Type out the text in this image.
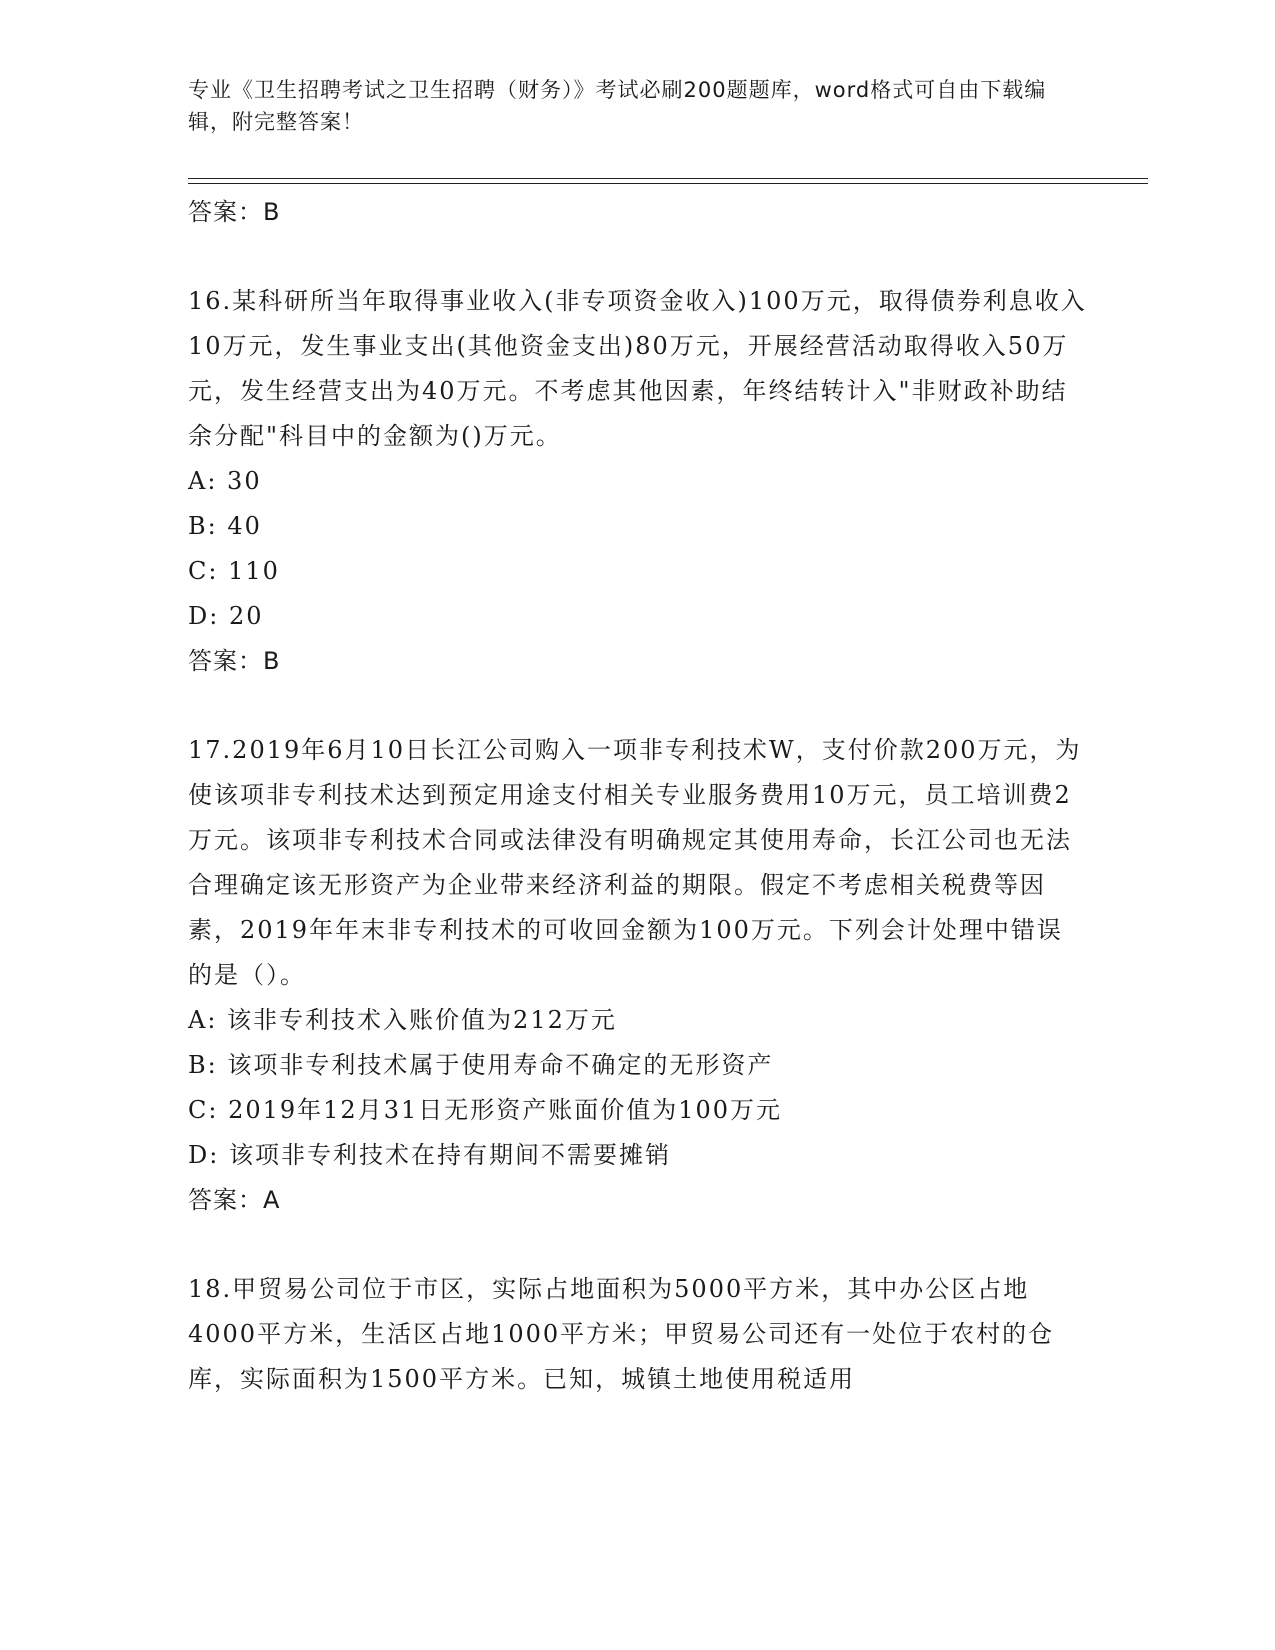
专业《卫生招聘考试之卫生招聘（财务）》考试必刷200题题库，word格式可自由下载编辑，附完整答案！
答案：B
16.某科研所当年取得事业收入(非专项资金收入)100万元，取得债券利息收入10万元，发生事业支出(其他资金支出)80万元，开展经营活动取得收入50万元，发生经营支出为40万元。不考虑其他因素，年终结转计入"非财政补助结余分配"科目中的金额为()万元。
A: 30
B: 40
C: 110
D: 20
答案：B
17.2019年6月10日长江公司购入一项非专利技术W，支付价款200万元，为使该项非专利技术达到预定用途支付相关专业服务费用10万元，员工培训费2万元。该项非专利技术合同或法律没有明确规定其使用寿命，长江公司也无法合理确定该无形资产为企业带来经济利益的期限。假定不考虑相关税费等因素，2019年年末非专利技术的可收回金额为100万元。下列会计处理中错误的是（）。
A: 该非专利技术入账价值为212万元
B: 该项非专利技术属于使用寿命不确定的无形资产
C: 2019年12月31日无形资产账面价值为100万元
D: 该项非专利技术在持有期间不需要摊销
答案：A
18.甲贸易公司位于市区，实际占地面积为5000平方米，其中办公区占地4000平方米，生活区占地1000平方米；甲贸易公司还有一处位于农村的仓库，实际面积为1500平方米。已知，城镇土地使用税适用
